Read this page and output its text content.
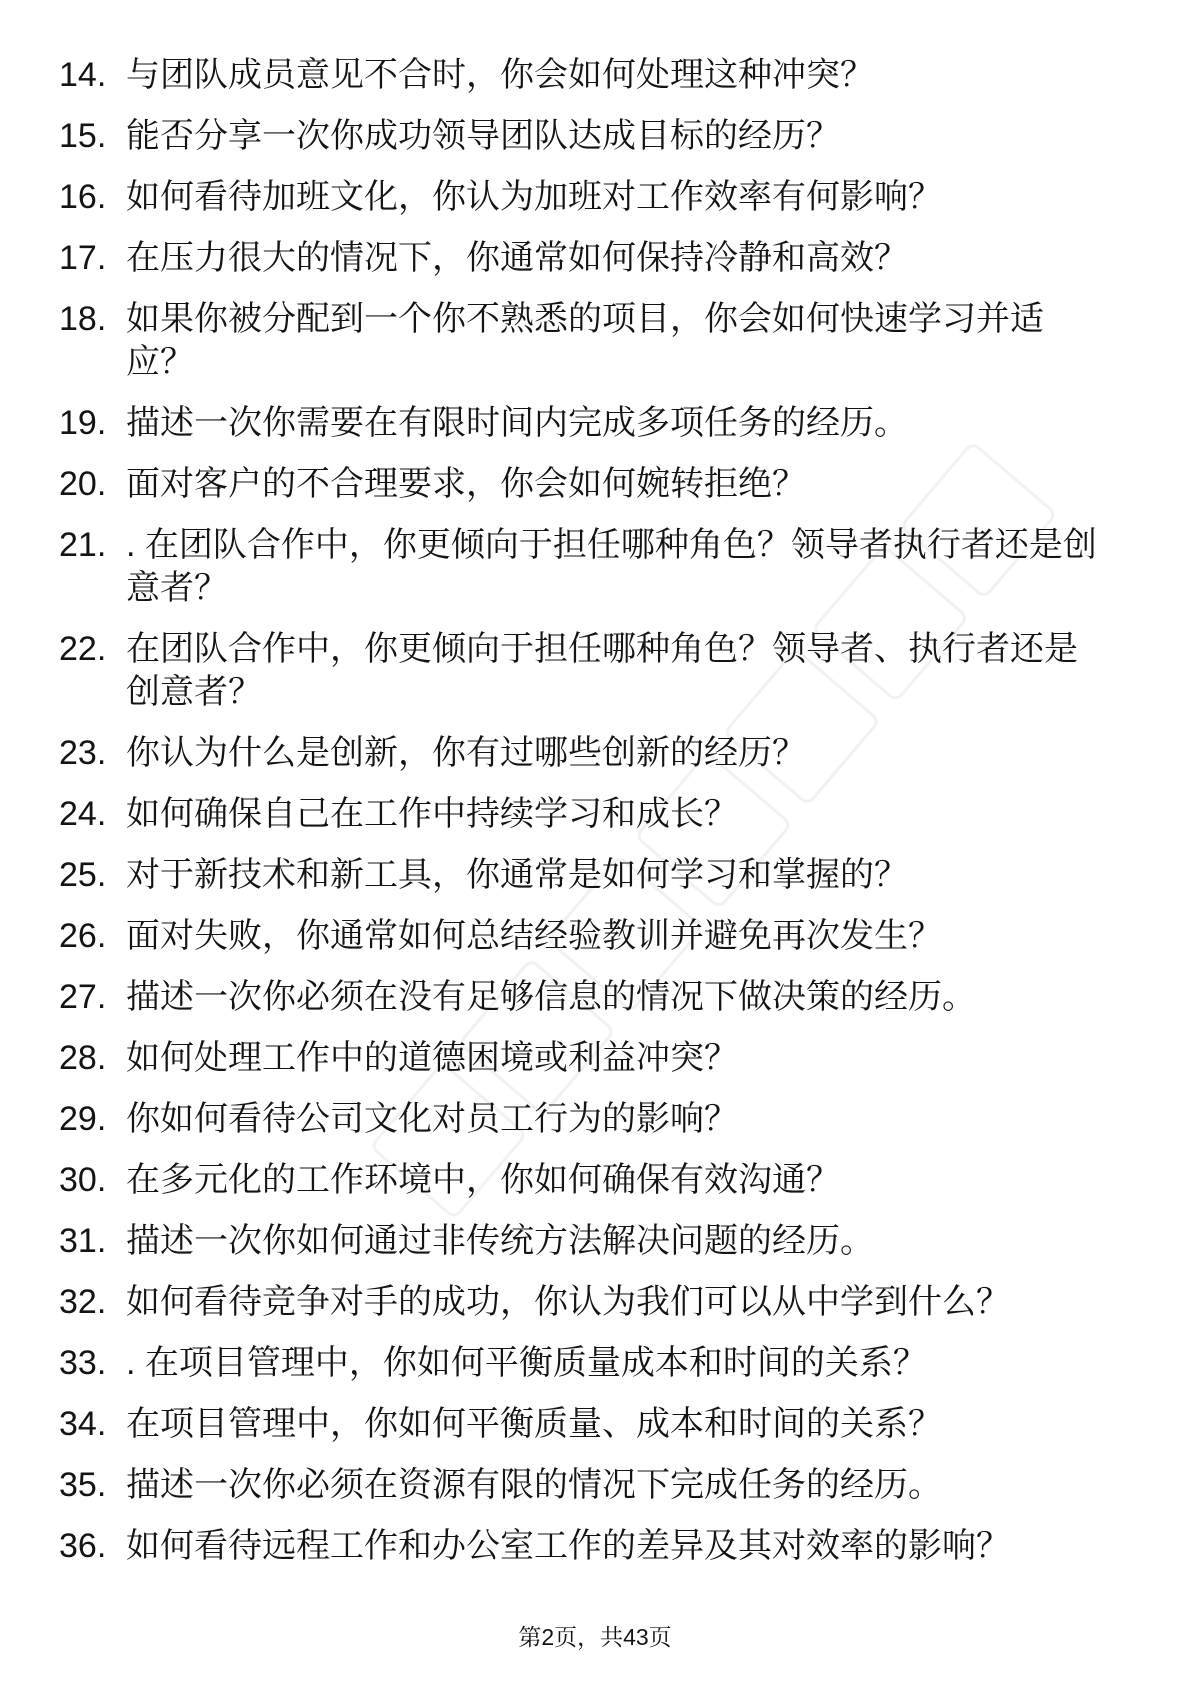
14. 与团队成员意见不合时，你会如何处理这种冲突？
15. 能否分享一次你成功领导团队达成目标的经历？
16. 如何看待加班文化，你认为加班对工作效率有何影响？
17. 在压力很大的情况下，你通常如何保持冷静和高效？
18. 如果你被分配到一个你不熟悉的项目，你会如何快速学习并适应？
19. 描述一次你需要在有限时间内完成多项任务的经历。
20. 面对客户的不合理要求，你会如何婉转拒绝？
21. . 在团队合作中，你更倾向于担任哪种角色？领导者执行者还是创意者？
22. 在团队合作中，你更倾向于担任哪种角色？领导者、执行者还是创意者？
23. 你认为什么是创新，你有过哪些创新的经历？
24. 如何确保自己在工作中持续学习和成长？
25. 对于新技术和新工具，你通常是如何学习和掌握的？
26. 面对失败，你通常如何总结经验教训并避免再次发生？
27. 描述一次你必须在没有足够信息的情况下做决策的经历。
28. 如何处理工作中的道德困境或利益冲突？
29. 你如何看待公司文化对员工行为的影响？
30. 在多元化的工作环境中，你如何确保有效沟通？
31. 描述一次你如何通过非传统方法解决问题的经历。
32. 如何看待竞争对手的成功，你认为我们可以从中学到什么？
33. . 在项目管理中，你如何平衡质量成本和时间的关系？
34. 在项目管理中，你如何平衡质量、成本和时间的关系？
35. 描述一次你必须在资源有限的情况下完成任务的经历。
36. 如何看待远程工作和办公室工作的差异及其对效率的影响？
第2页，共43页
